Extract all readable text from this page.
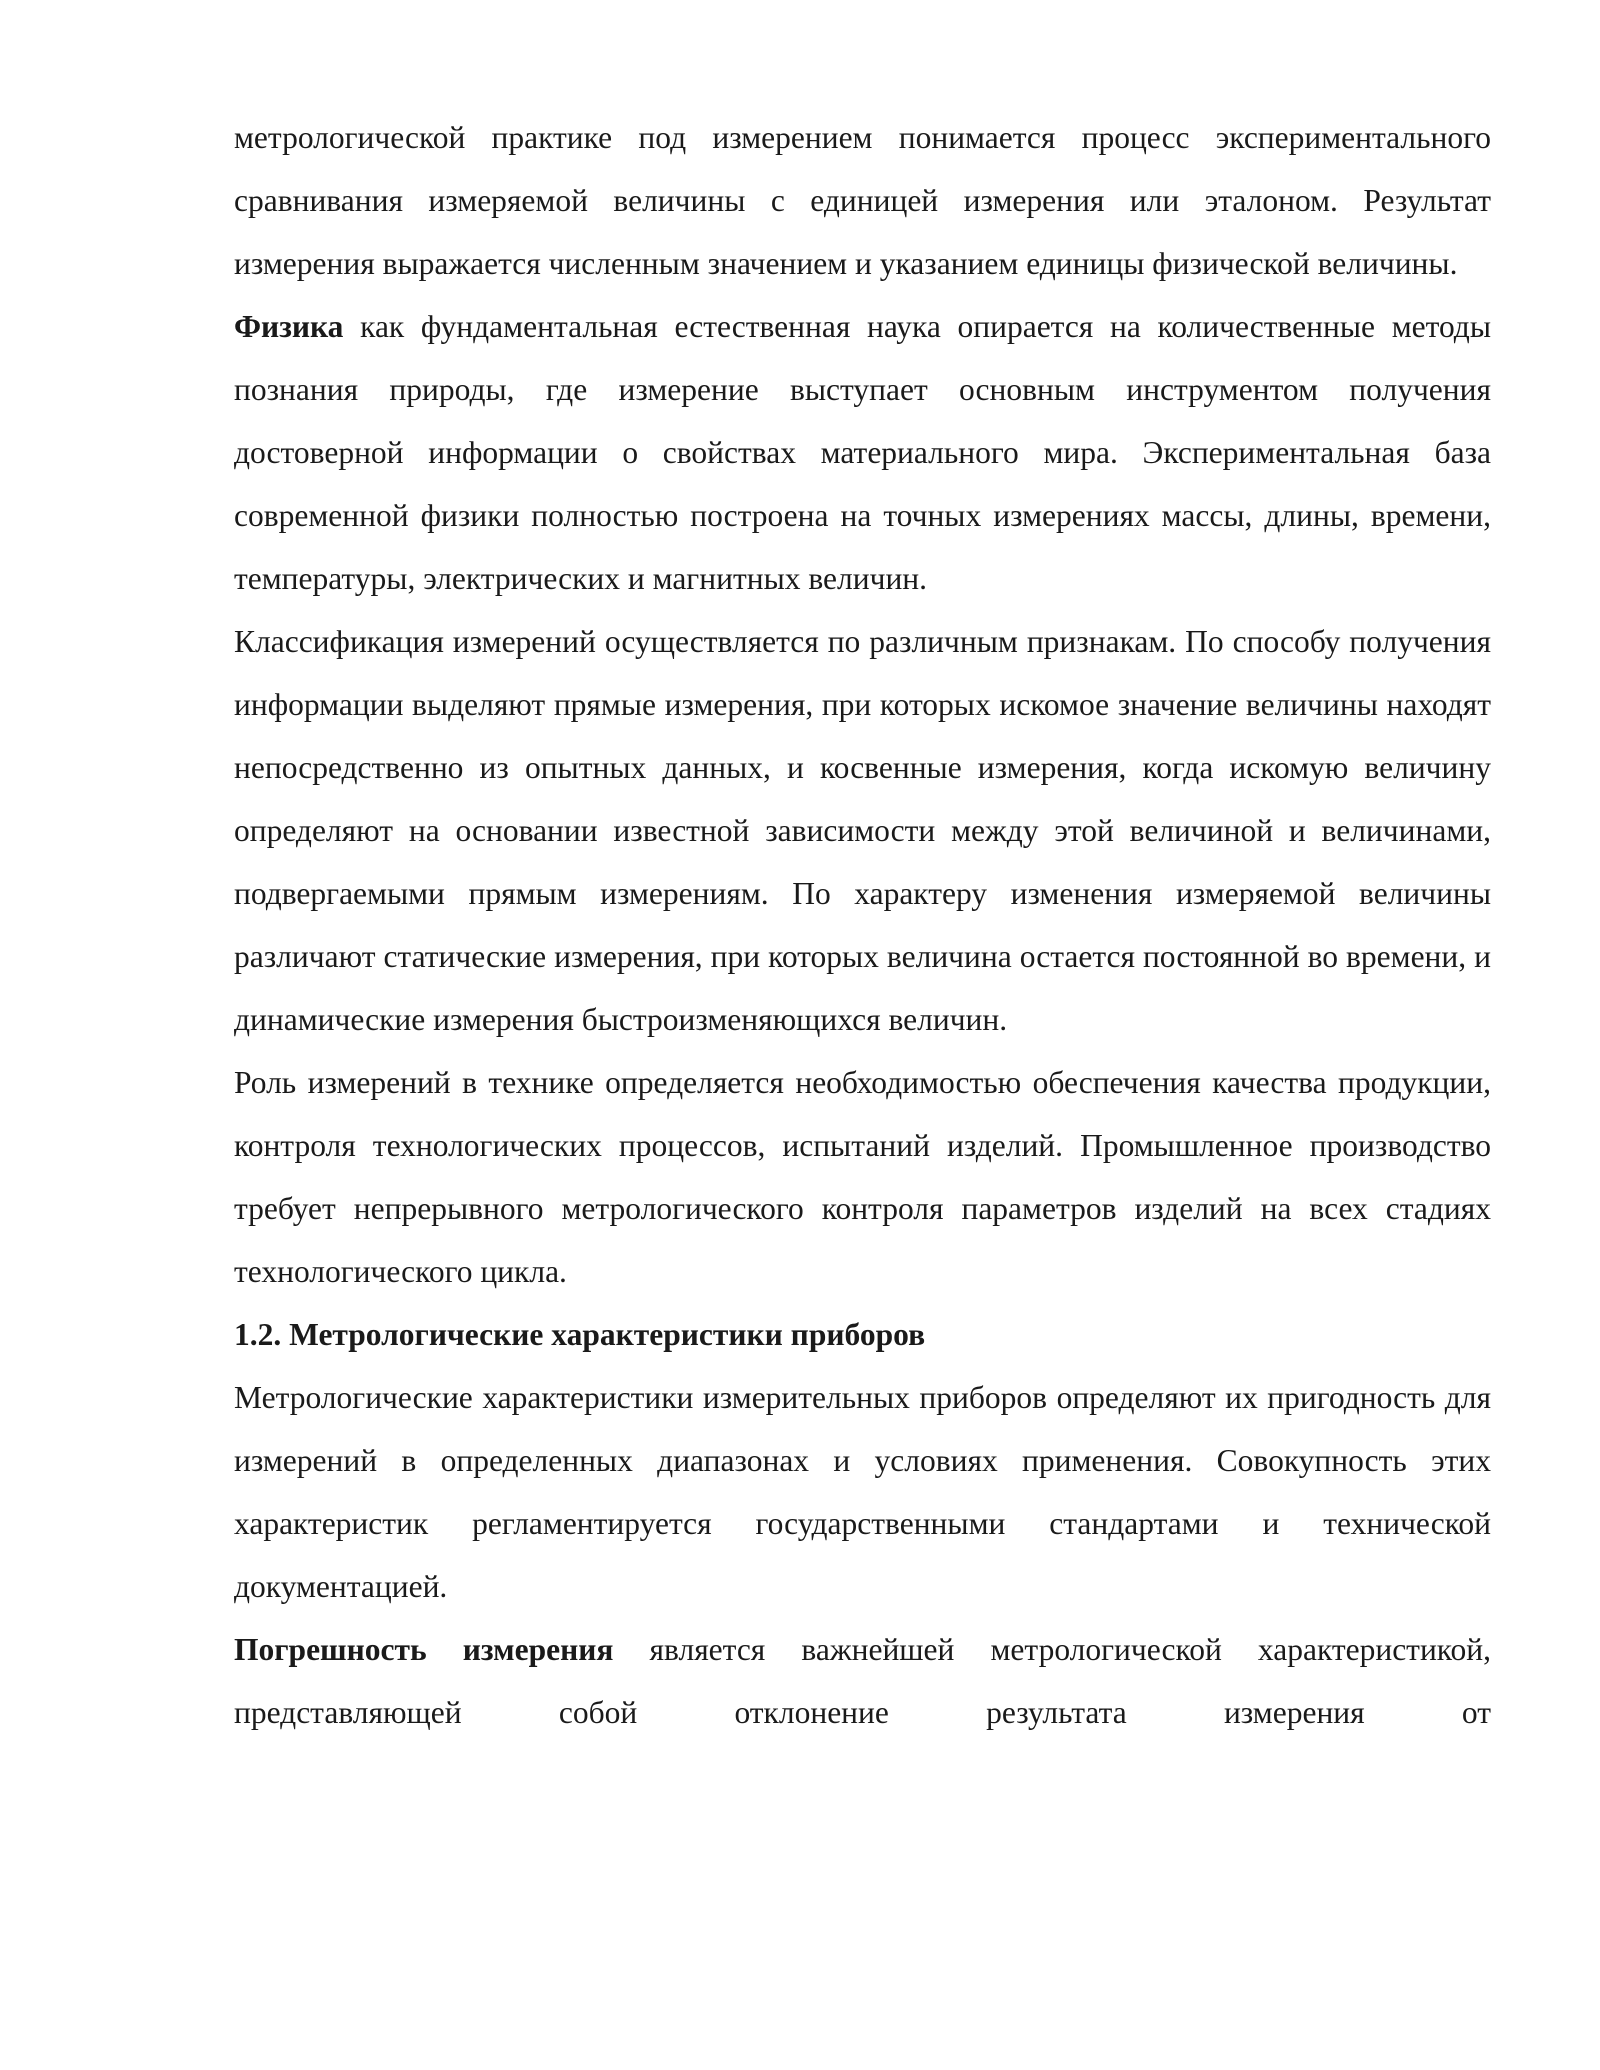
метрологической практике под измерением понимается процесс экспериментального сравнивания измеряемой величины с единицей измерения или эталоном. Результат измерения выражается численным значением и указанием единицы физической величины.

Физика как фундаментальная естественная наука опирается на количественные методы познания природы, где измерение выступает основным инструментом получения достоверной информации о свойствах материального мира. Экспериментальная база современной физики полностью построена на точных измерениях массы, длины, времени, температуры, электрических и магнитных величин.

Классификация измерений осуществляется по различным признакам. По способу получения информации выделяют прямые измерения, при которых искомое значение величины находят непосредственно из опытных данных, и косвенные измерения, когда искомую величину определяют на основании известной зависимости между этой величиной и величинами, подвергаемыми прямым измерениям. По характеру изменения измеряемой величины различают статические измерения, при которых величина остается постоянной во времени, и динамические измерения быстроизменяющихся величин.

Роль измерений в технике определяется необходимостью обеспечения качества продукции, контроля технологических процессов, испытаний изделий. Промышленное производство требует непрерывного метрологического контроля параметров изделий на всех стадиях технологического цикла.

1.2. Метрологические характеристики приборов

Метрологические характеристики измерительных приборов определяют их пригодность для измерений в определенных диапазонах и условиях применения. Совокупность этих характеристик регламентируется государственными стандартами и технической документацией.

Погрешность измерения является важнейшей метрологической характеристикой, представляющей собой отклонение результата измерения от
